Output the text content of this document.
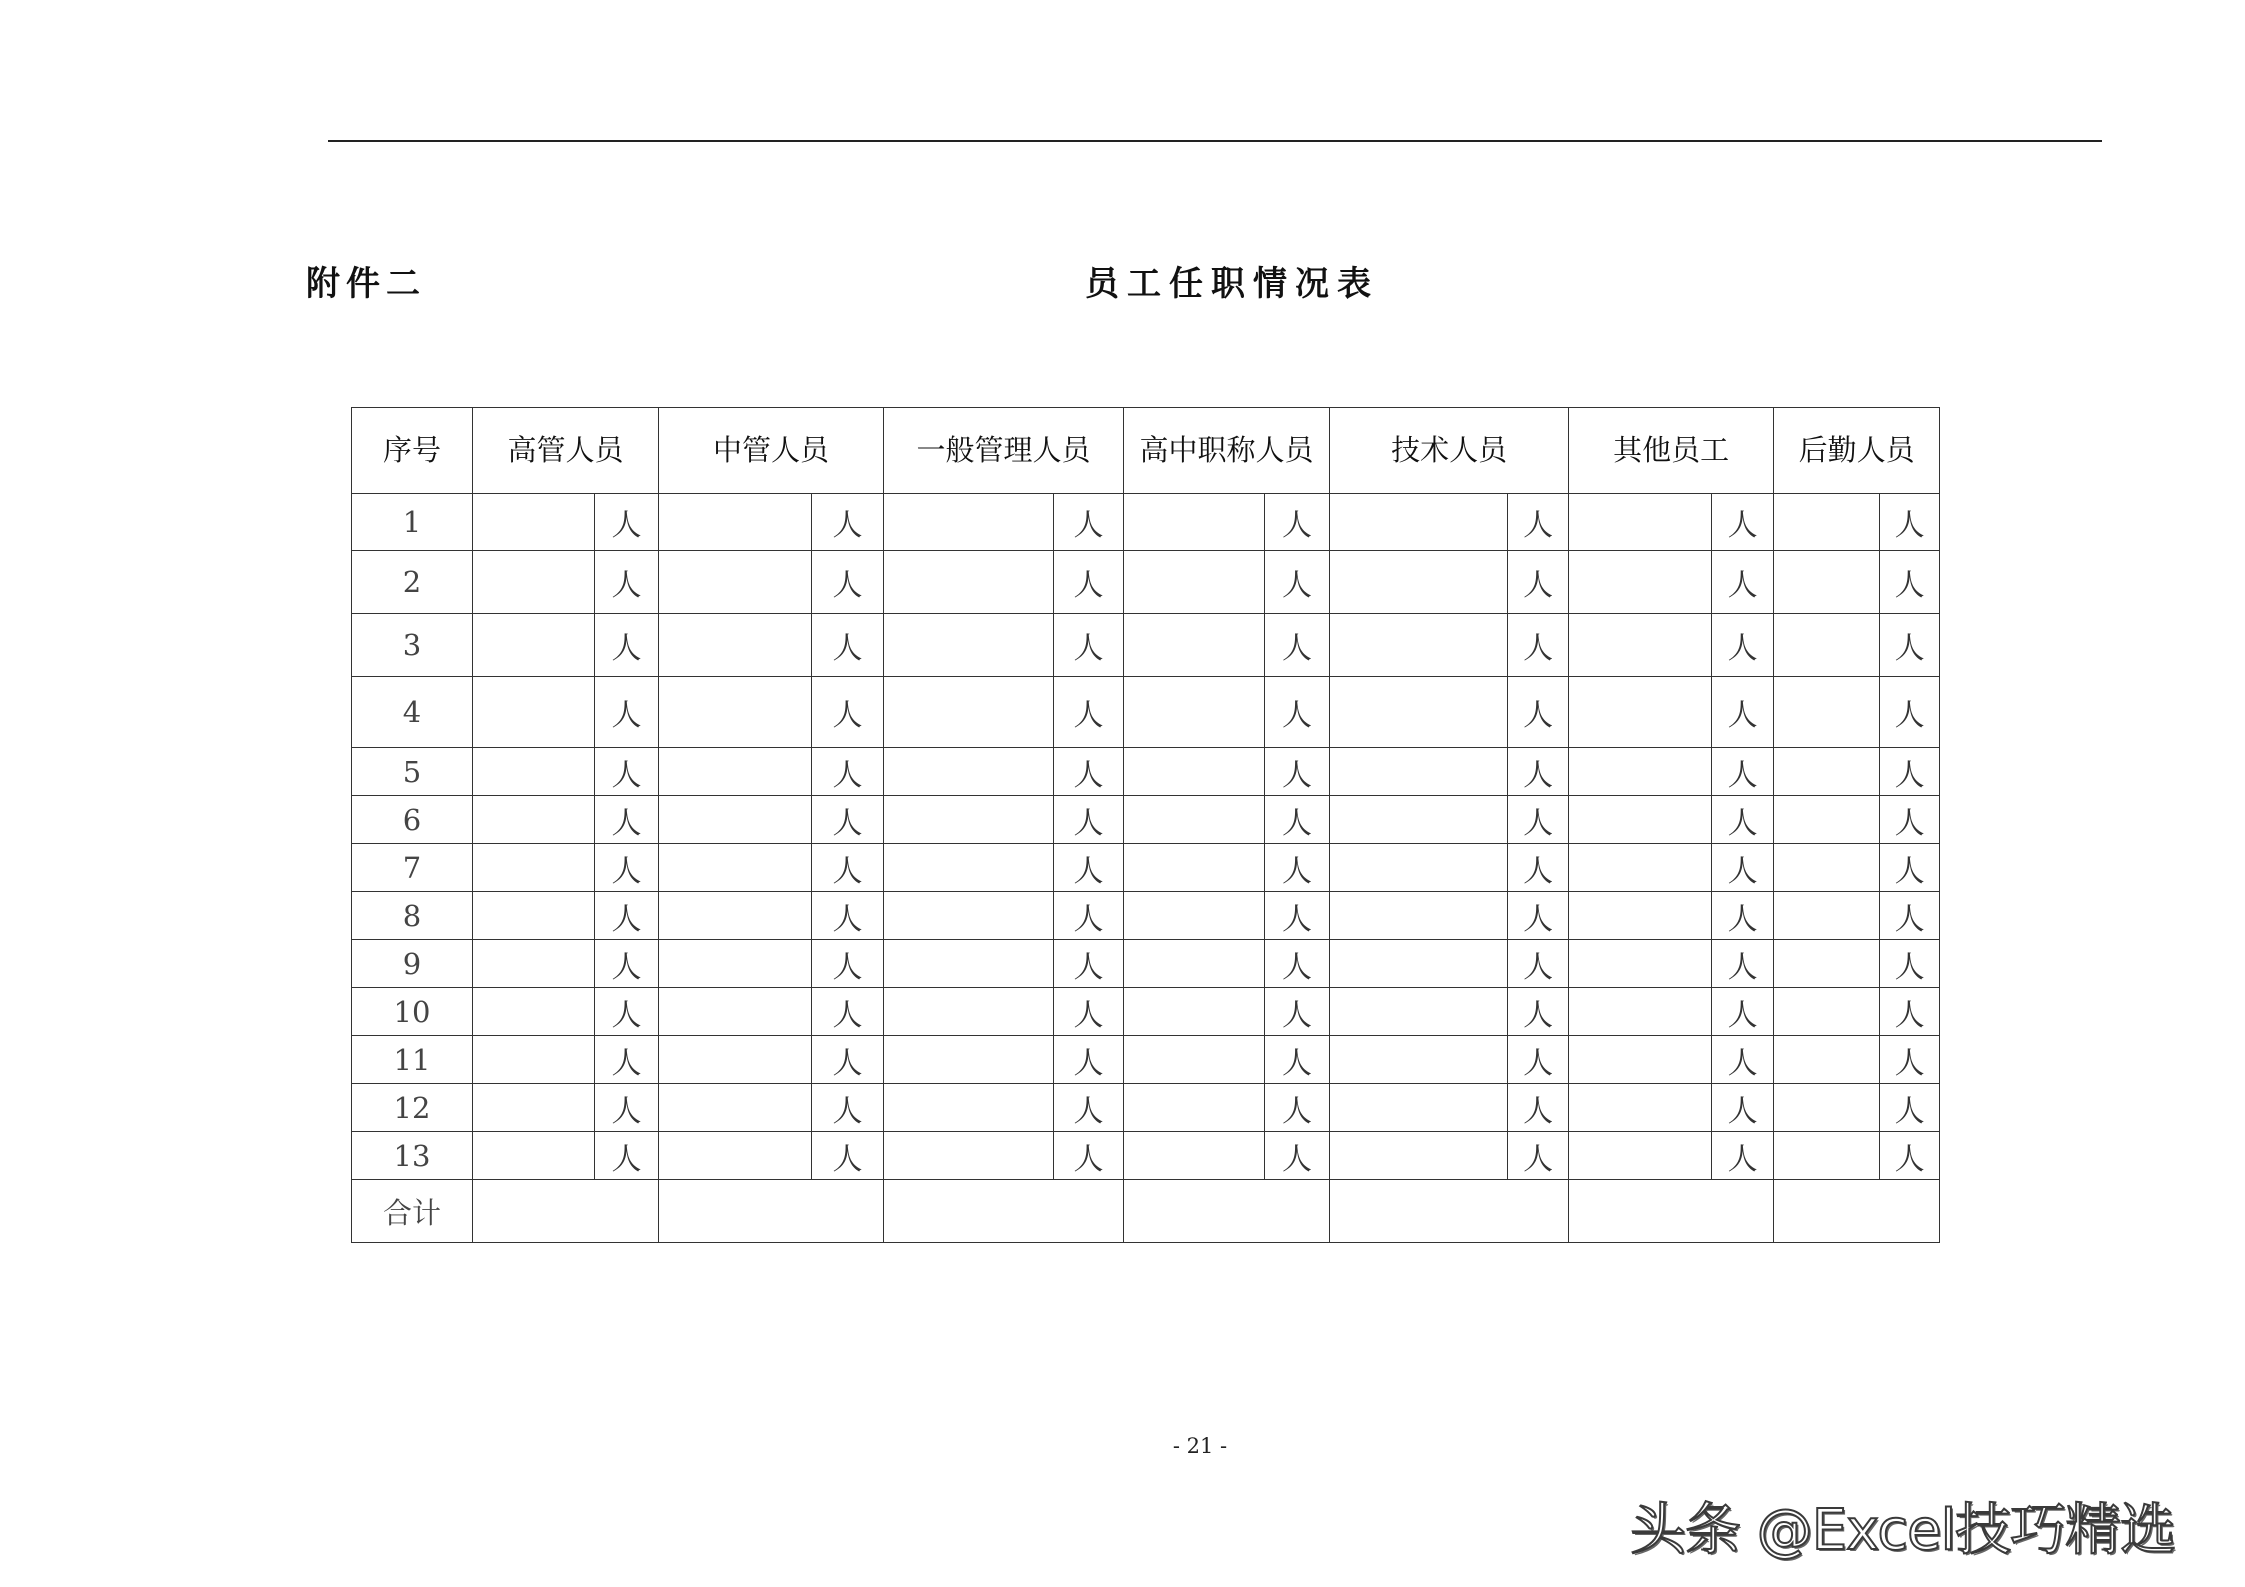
附件二	员工任职情况表
序号	高管人员		中管人员		一般管理人员		高中职称人员		技术人员		其他员工		后勤人员	
1		人		人		人		人		人		人		人
2		人		人		人		人		人		人		人
3		人		人		人		人		人		人		人
4		人		人		人		人		人		人		人
5		人		人		人		人		人		人		人
6		人		人		人		人		人		人		人
7		人		人		人		人		人		人		人
8		人		人		人		人		人		人		人
9		人		人		人		人		人		人		人
10		人		人		人		人		人		人		人
11		人		人		人		人		人		人		人
12		人		人		人		人		人		人		人
13		人		人		人		人		人		人		人
合计														
- 21 -
头条 @Excel技巧精选
